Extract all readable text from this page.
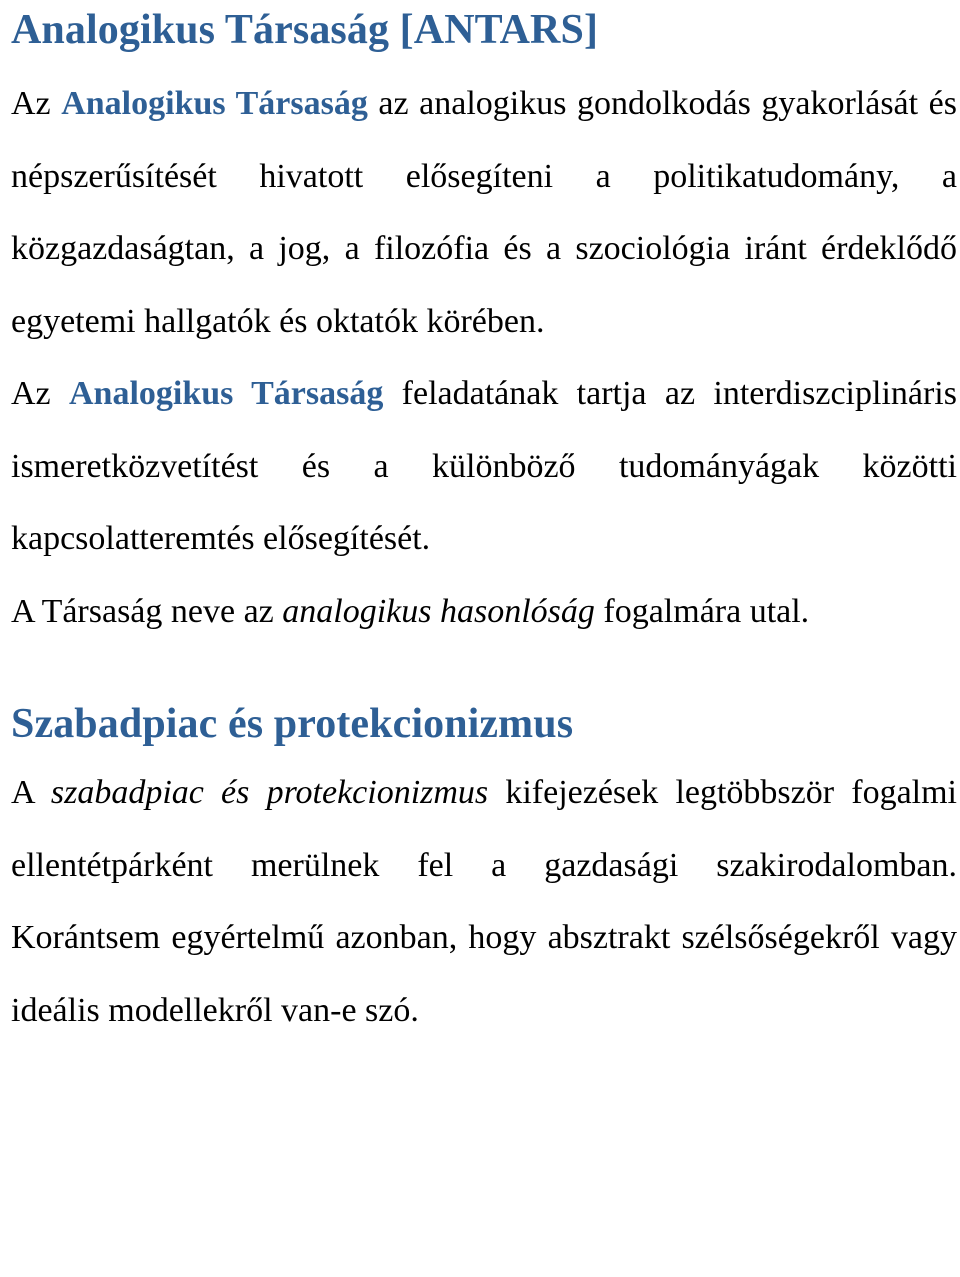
Analogikus Társaság [ANTARS]

Az Analogikus Társaság az analogikus gondolkodás gyakorlását és népszerűsítését hivatott elősegíteni a politikatudomány, a közgazdaságtan, a jog, a filozófia és a szociológia iránt érdeklődő egyetemi hallgatók és oktatók körében.

Az Analogikus Társaság feladatának tartja az interdiszciplináris ismeretközvetítést és a különböző tudományágak közötti kapcsolatteremtés elősegítését.

A Társaság neve az analogikus hasonlóság fogalmára utal.

Szabadpiac és protekcionizmus

A szabadpiac és protekcionizmus kifejezések legtöbbször fogalmi ellentétpárként merülnek fel a gazdasági szakirodalomban. Korántsem egyértelmű azonban, hogy absztrakt szélsőségekről vagy ideális modellekről van-e szó.
